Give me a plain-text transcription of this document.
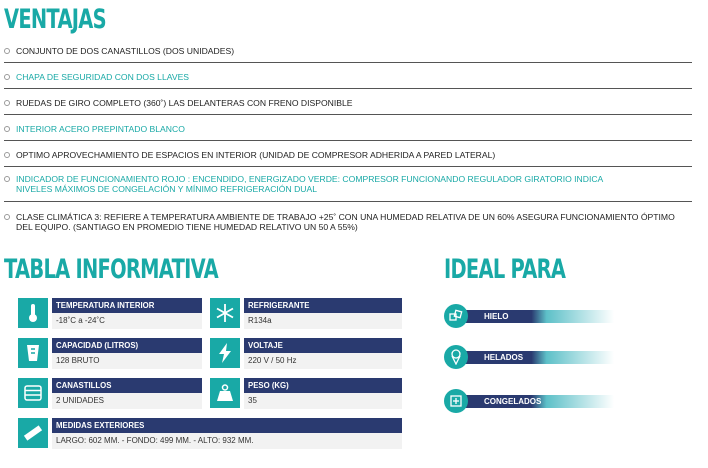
VENTAJAS
CONJUNTO DE DOS CANASTILLOS (DOS UNIDADES)
CHAPA DE SEGURIDAD CON DOS LLAVES
RUEDAS DE GIRO COMPLETO (360˚) LAS DELANTERAS CON FRENO DISPONIBLE
INTERIOR ACERO PREPINTADO BLANCO
OPTIMO APROVECHAMIENTO DE ESPACIOS EN INTERIOR (UNIDAD DE COMPRESOR ADHERIDA A PARED LATERAL)
INDICADOR DE FUNCIONAMIENTO ROJO : ENCENDIDO, ENERGIZADO VERDE: COMPRESOR FUNCIONANDO REGULADOR GIRATORIO INDICA NIVELES MÁXIMOS DE CONGELACIÓN Y MÍNIMO REFRIGERACIÓN DUAL
CLASE CLIMÁTICA 3: REFIERE A TEMPERATURA AMBIENTE DE TRABAJO +25˚ CON UNA HUMEDAD RELATIVA DE UN 60% ASEGURA FUNCIONAMIENTO ÓPTIMO DEL EQUIPO. (SANTIAGO EN PROMEDIO TIENE HUMEDAD RELATIVO UN 50 A 55%)
TABLA INFORMATIVA
TEMPERATURA INTERIOR
-18˚C a -24˚C
REFRIGERANTE
R134a
CAPACIDAD (LITROS)
128 BRUTO
VOLTAJE
220 V / 50 Hz
CANASTILLOS
2 UNIDADES
PESO (KG)
35
MEDIDAS EXTERIORES
LARGO: 602 MM. - FONDO: 499 MM. - ALTO: 932 MM.
IDEAL PARA
HIELO
HELADOS
CONGELADOS
